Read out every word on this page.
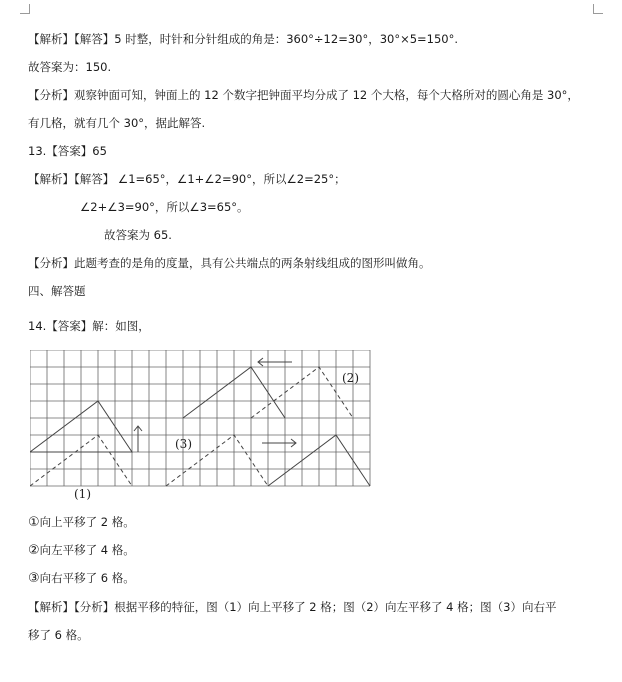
【解析】【解答】5 时整，时针和分针组成的角是：360°÷12=30°，30°×5=150°.
故答案为：150.
【分析】观察钟面可知，钟面上的 12 个数字把钟面平均分成了 12 个大格，每个大格所对的圆心角是 30°，
有几格，就有几个 30°，据此解答.
13.【答案】65
【解析】【解答】 ∠1=65°，∠1+∠2=90°，所以∠2=25°；
∠2+∠3=90°，所以∠3=65°。
故答案为 65.
【分析】此题考查的是角的度量，具有公共端点的两条射线组成的图形叫做角。
四、解答题
14.【答案】解：如图，
(2)
(3)
(1)
①向上平移了 2 格。
②向左平移了 4 格。
③向右平移了 6 格。
【解析】【分析】根据平移的特征，图（1）向上平移了 2 格；图（2）向左平移了 4 格；图（3）向右平
移了 6 格。
